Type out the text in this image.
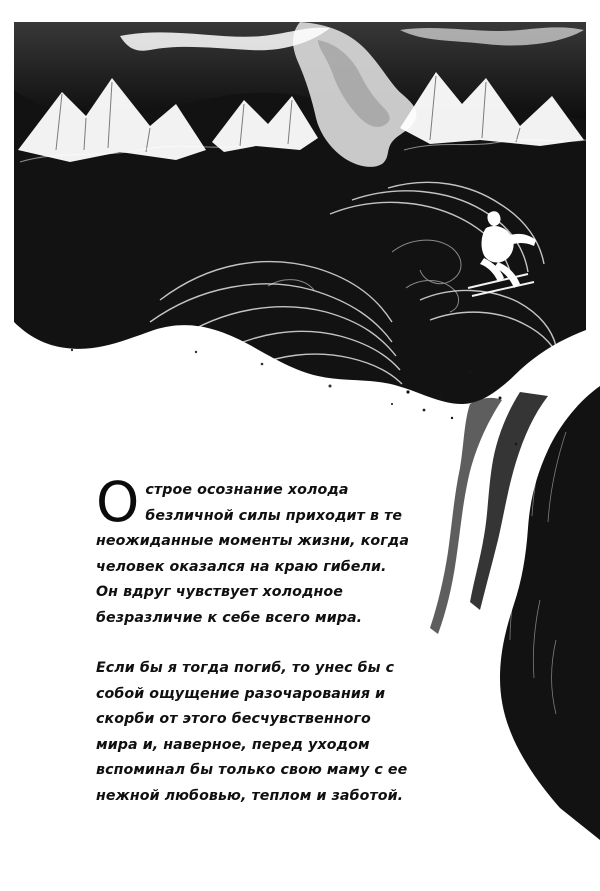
Острое осознание холода безличной силы приходит в те неожиданные моменты жизни, когда человек оказался на краю гибели. Он вдруг чувствует холодное безразличие к себе всего мира.

Если бы я тогда погиб, то унес бы с собой ощущение разочарования и скорби от этого бесчувственного мира и, наверное, перед уходом вспоминал бы только свою маму с ее нежной любовью, теплом и заботой.
